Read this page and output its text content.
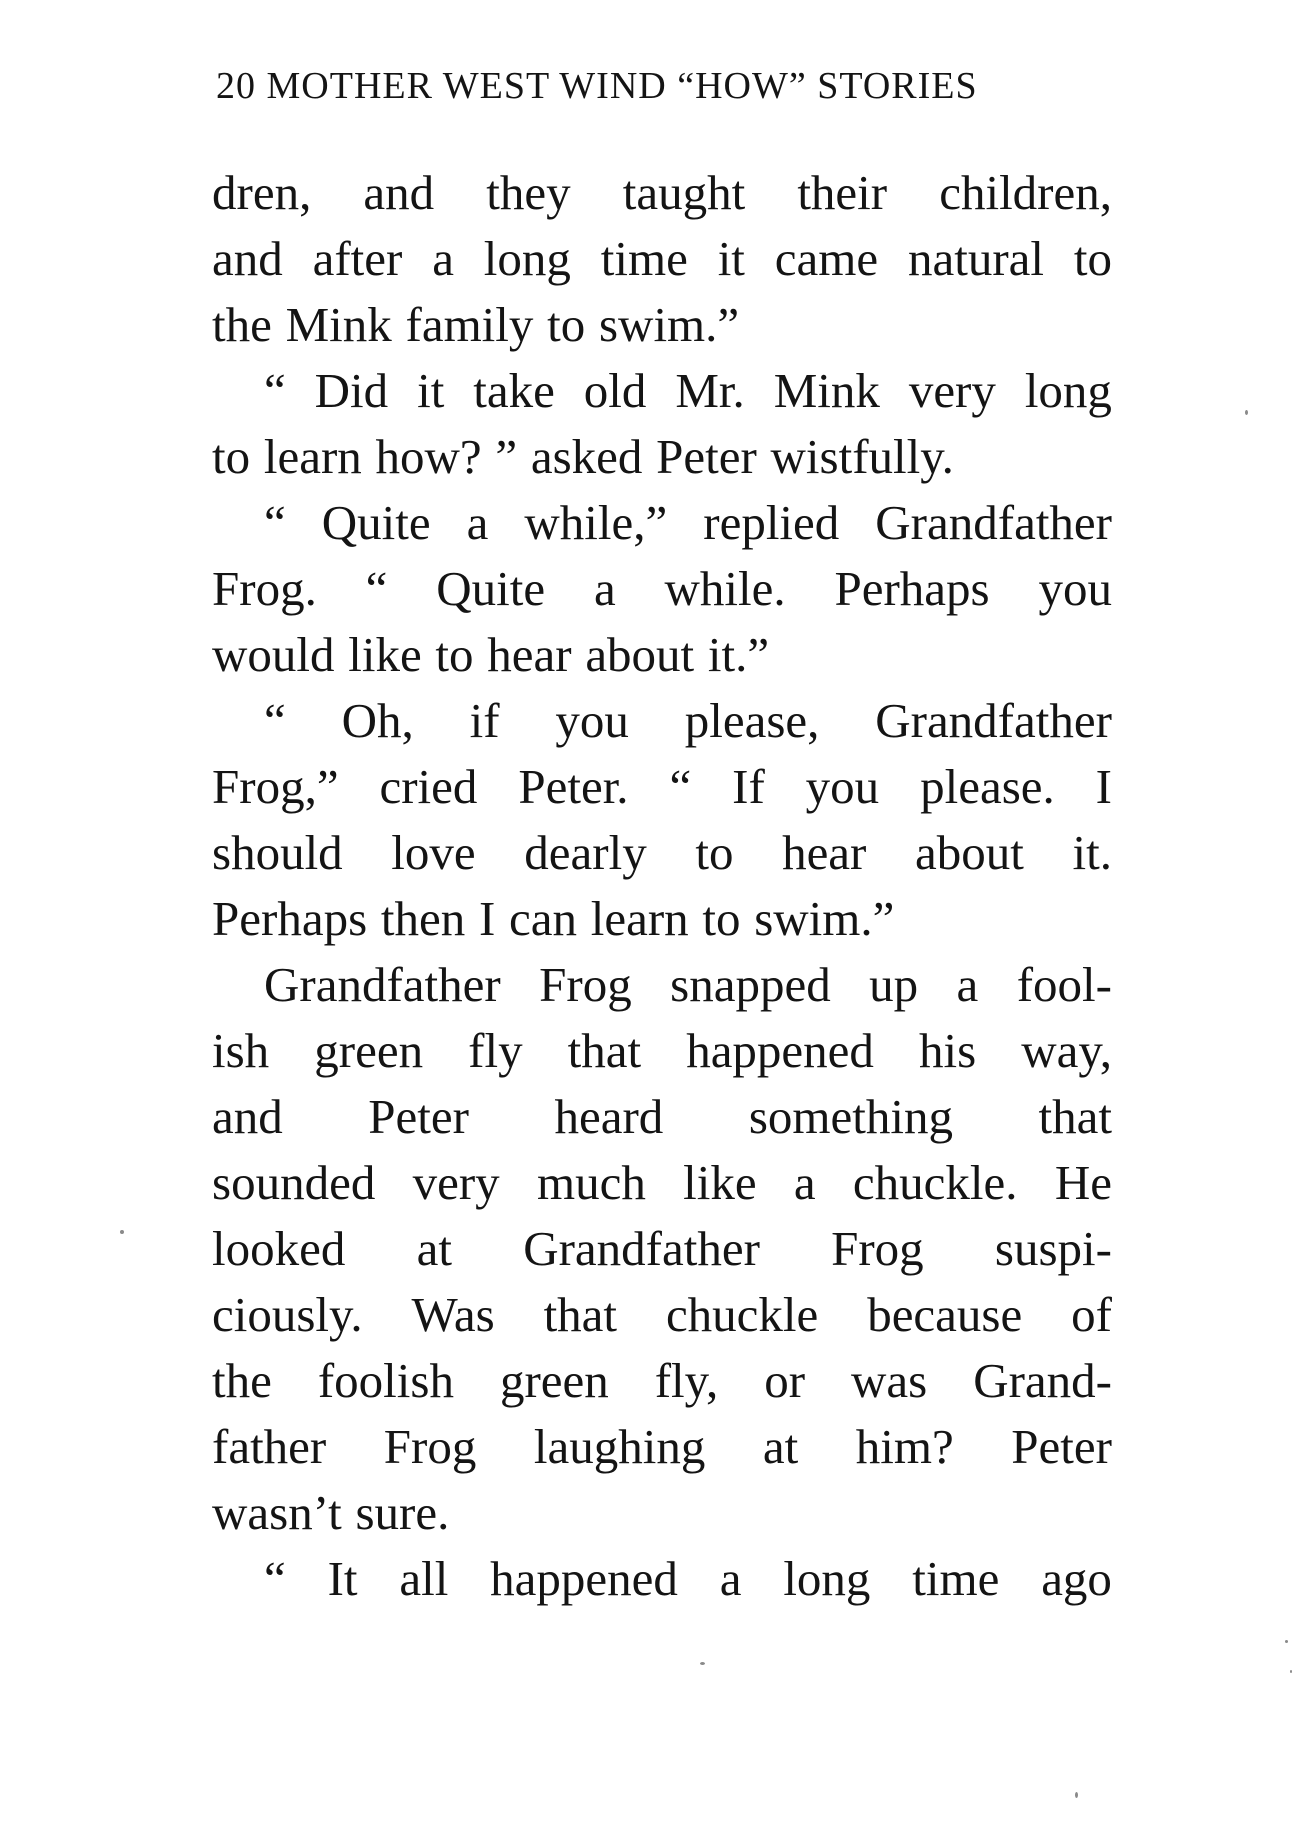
20 MOTHER WEST WIND “HOW” STORIES
dren, and they taught their children,
and after a long time it came natural to
the Mink family to swim.”
“ Did it take old Mr. Mink very long
to learn how? ” asked Peter wistfully.
“ Quite a while,” replied Grandfather
Frog. “ Quite a while. Perhaps you
would like to hear about it.”
“ Oh, if you please, Grandfather
Frog,” cried Peter. “ If you please. I
should love dearly to hear about it.
Perhaps then I can learn to swim.”
Grandfather Frog snapped up a fool-
ish green fly that happened his way,
and Peter heard something that
sounded very much like a chuckle. He
looked at Grandfather Frog suspi-
ciously. Was that chuckle because of
the foolish green fly, or was Grand-
father Frog laughing at him? Peter
wasn’t sure.
“ It all happened a long time ago
